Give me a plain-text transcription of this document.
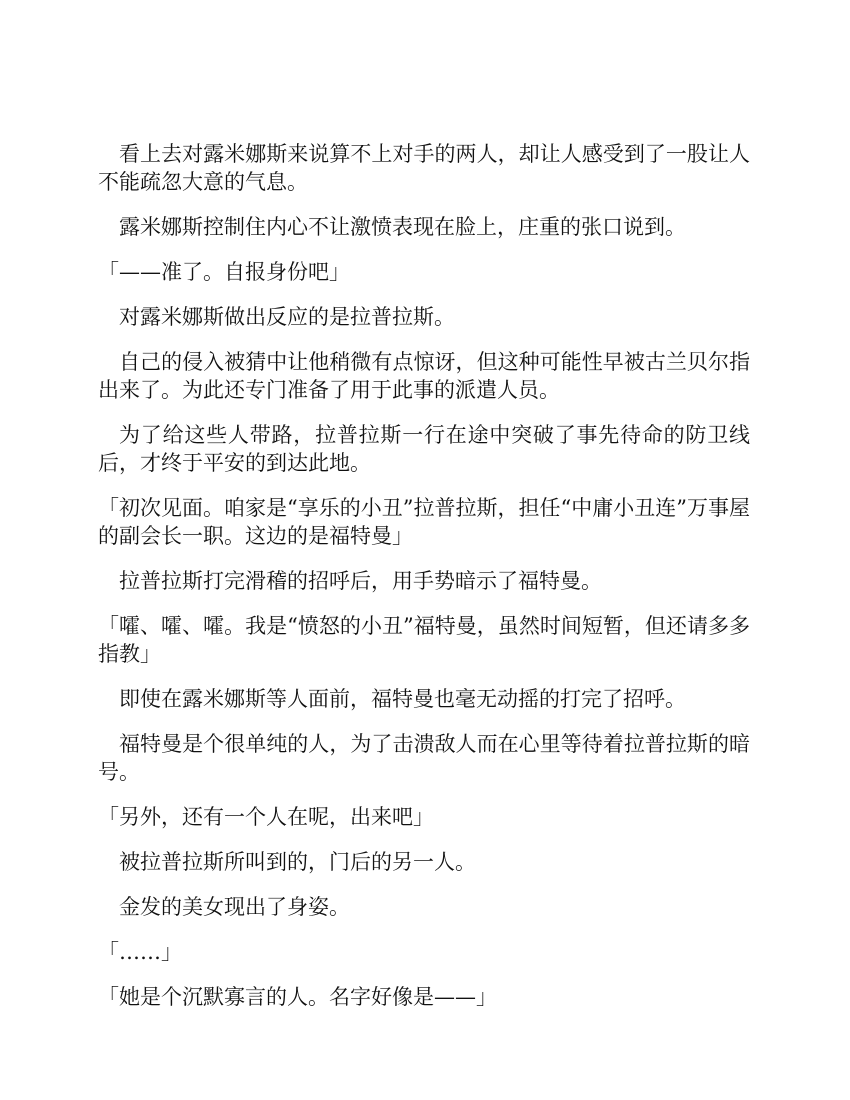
看上去对露米娜斯来说算不上对手的两人，却让人感受到了一股让人不能疏忽大意的气息。

露米娜斯控制住内心不让激愤表现在脸上，庄重的张口说到。

「——准了。自报身份吧」

对露米娜斯做出反应的是拉普拉斯。

自己的侵入被猜中让他稍微有点惊讶，但这种可能性早被古兰贝尔指出来了。为此还专门准备了用于此事的派遣人员。

为了给这些人带路，拉普拉斯一行在途中突破了事先待命的防卫线后，才终于平安的到达此地。

「初次见面。咱家是“享乐的小丑”拉普拉斯，担任“中庸小丑连”万事屋的副会长一职。这边的是福特曼」

拉普拉斯打完滑稽的招呼后，用手势暗示了福特曼。

「嚯、嚯、嚯。我是“愤怒的小丑”福特曼，虽然时间短暂，但还请多多指教」

即使在露米娜斯等人面前，福特曼也毫无动摇的打完了招呼。

福特曼是个很单纯的人，为了击溃敌人而在心里等待着拉普拉斯的暗号。

「另外，还有一个人在呢，出来吧」

被拉普拉斯所叫到的，门后的另一人。

金发的美女现出了身姿。

「……」

「她是个沉默寡言的人。名字好像是——」
